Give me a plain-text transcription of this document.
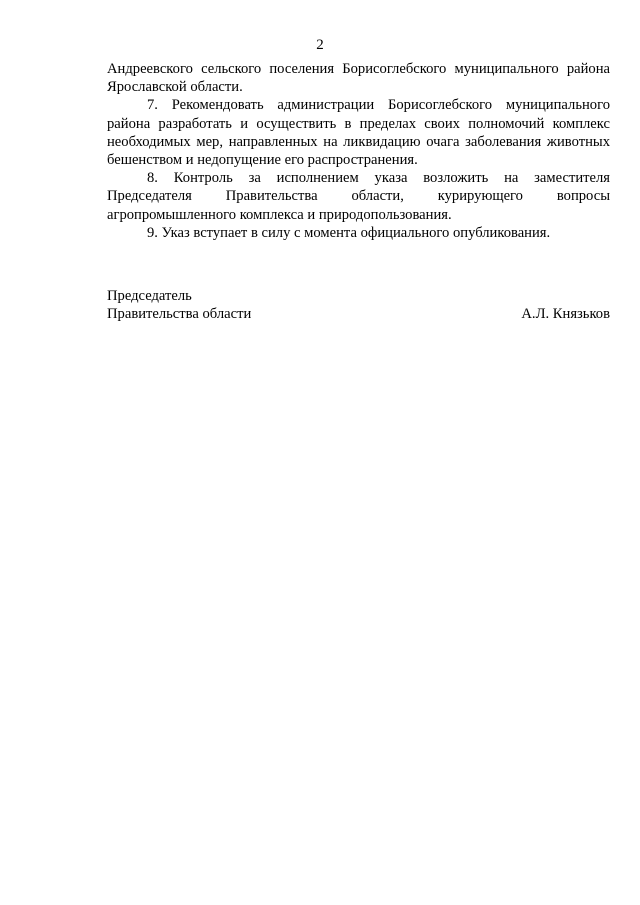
2

Андреевского сельского поселения Борисоглебского муниципального района Ярославской области.

7. Рекомендовать администрации Борисоглебского муниципального района разработать и осуществить в пределах своих полномочий комплекс необходимых мер, направленных на ликвидацию очага заболевания животных бешенством и недопущение его распространения.

8. Контроль за исполнением указа возложить на заместителя Председателя Правительства области, курирующего вопросы агропромышленного комплекса и природопользования.

9. Указ вступает в силу с момента официального опубликования.

Председатель
Правительства области	А.Л. Князьков
